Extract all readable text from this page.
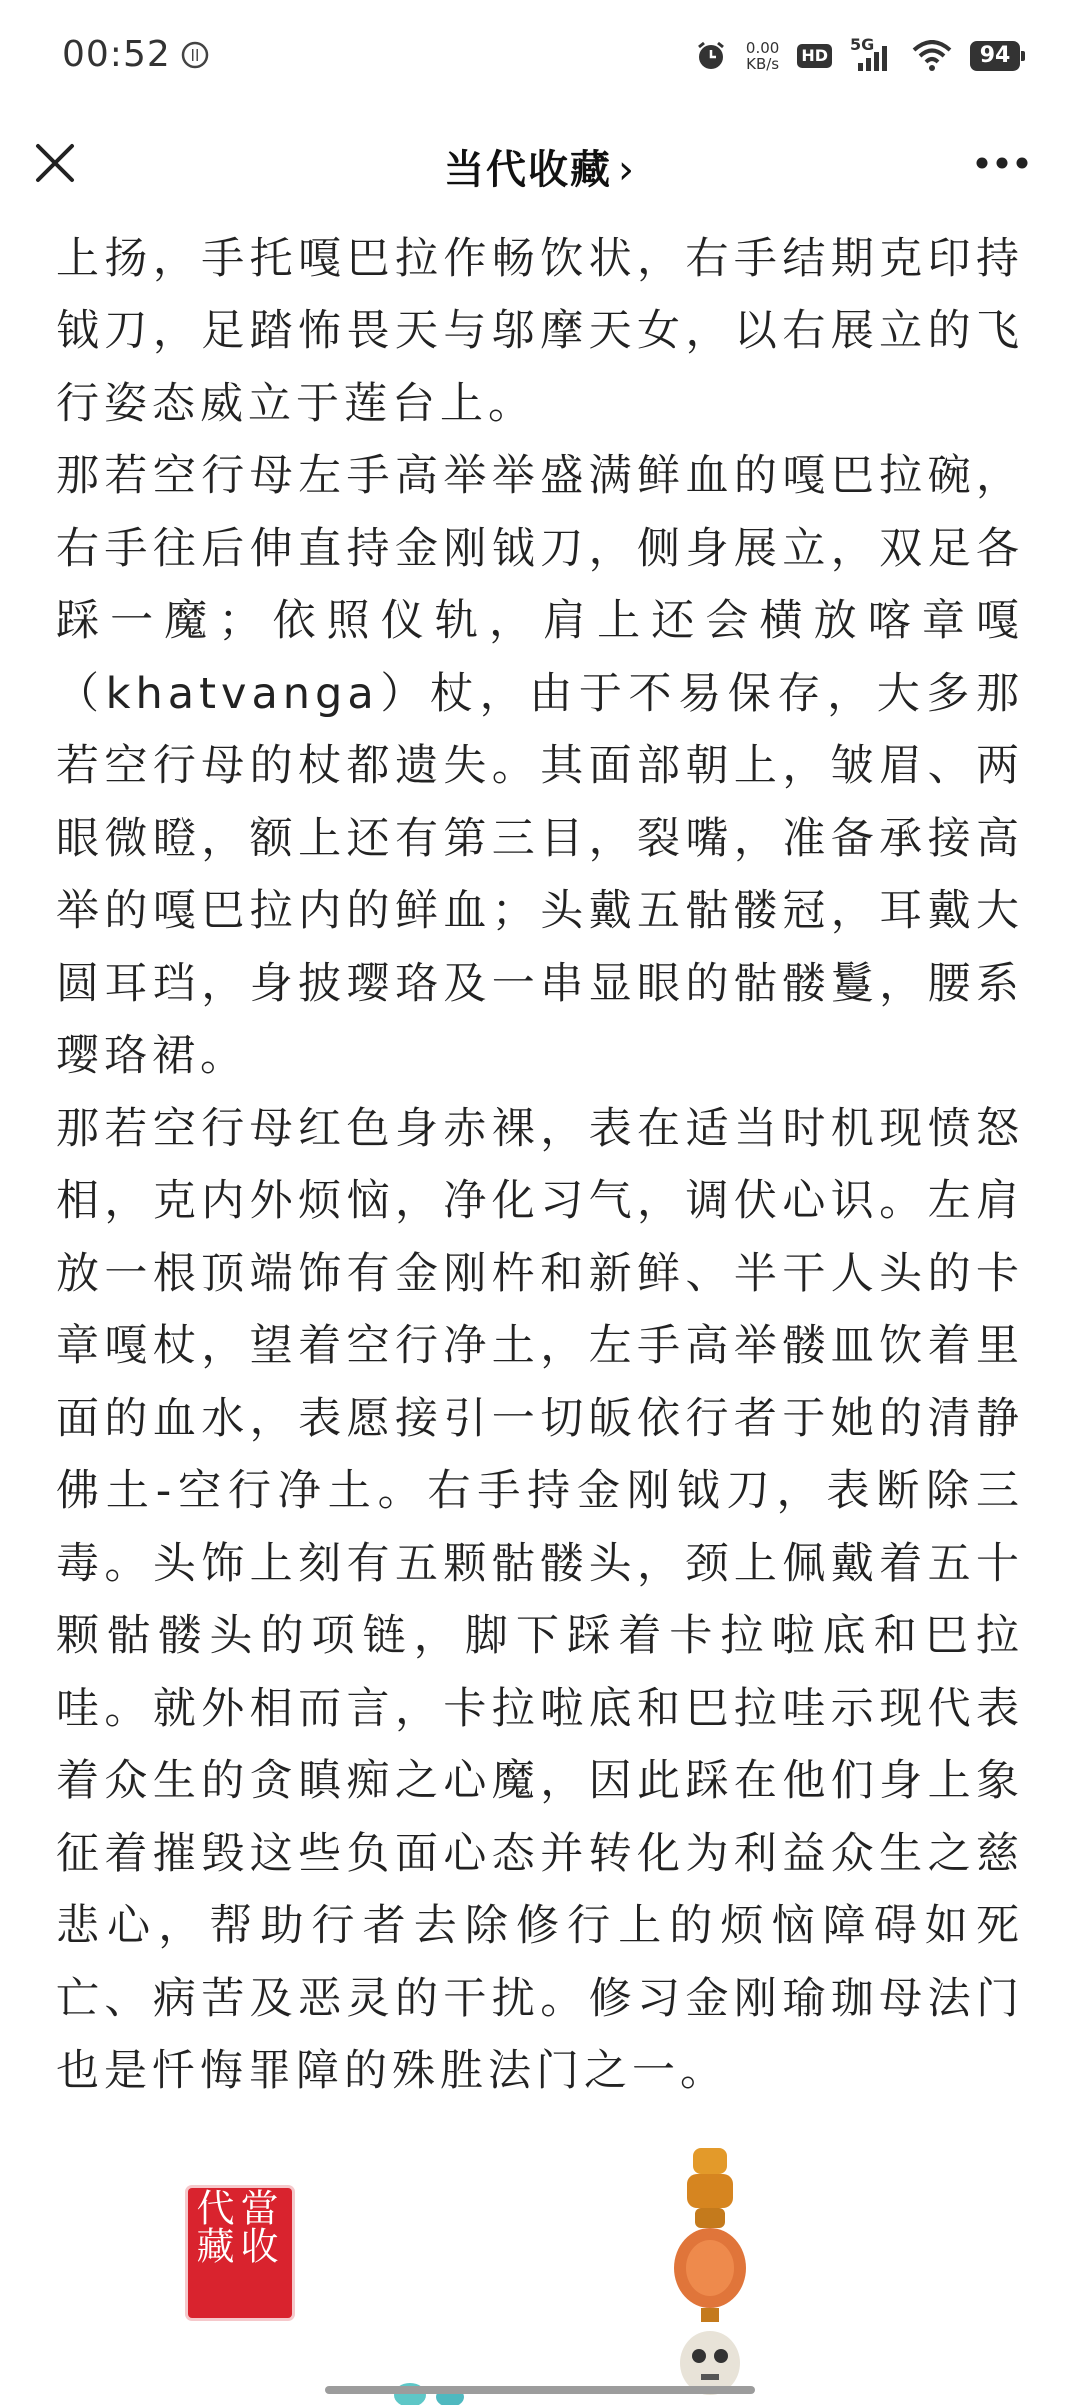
00:52 ll	0.00
KB/s HD
5G	94
当代收藏 ›

上扬，手托嘎巴拉作畅饮状，右手结期克印持钺刀，足踏怖畏天与邬摩天女，以右展立的飞行姿态威立于莲台上。

那若空行母左手高举举盛满鲜血的嘎巴拉碗，右手往后伸直持金刚钺刀，侧身展立，双足各踩一魔；依照仪轨，肩上还会横放喀章嘎（khatvanga）杖，由于不易保存，大多那若空行母的杖都遗失。其面部朝上，皱眉、两眼微瞪，额上还有第三目，裂嘴，准备承接高举的嘎巴拉内的鲜血；头戴五骷髅冠，耳戴大圆耳珰，身披璎珞及一串显眼的骷髅鬘，腰系璎珞裙。

那若空行母红色身赤裸，表在适当时机现愤怒相，克内外烦恼，净化习气，调伏心识。左肩放一根顶端饰有金刚杵和新鲜、半干人头的卡章嘎杖，望着空行净土，左手高举髅皿饮着里面的血水，表愿接引一切皈依行者于她的清静佛土-空行净土。右手持金刚钺刀，表断除三毒。头饰上刻有五颗骷髅头，颈上佩戴着五十颗骷髅头的项链，脚下踩着卡拉啦底和巴拉哇。就外相而言，卡拉啦底和巴拉哇示现代表着众生的贪瞋痴之心魔，因此踩在他们身上象征着摧毁这些负面心态并转化为利益众生之慈悲心，帮助行者去除修行上的烦恼障碍如死亡、病苦及恶灵的干扰。修习金刚瑜珈母法门也是忏悔罪障的殊胜法门之一。

代藏當收
